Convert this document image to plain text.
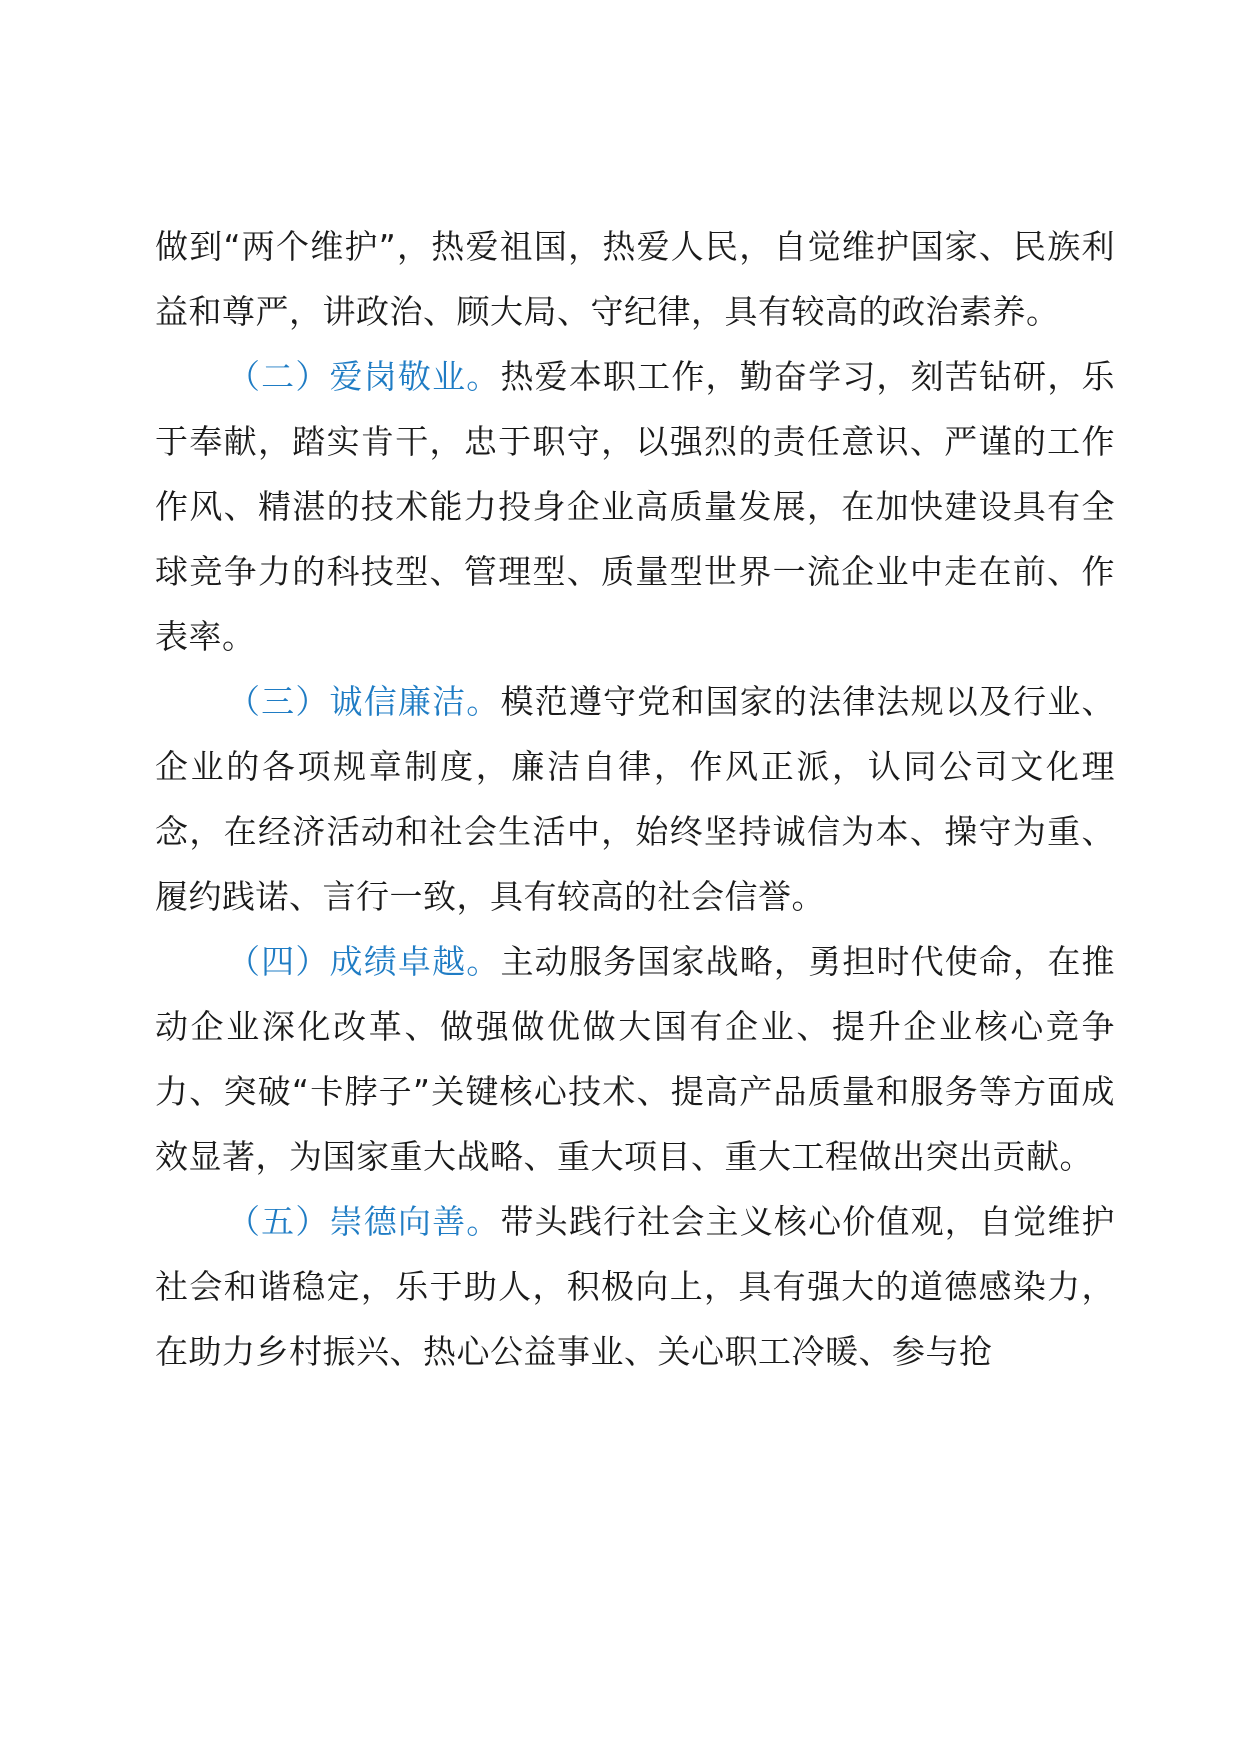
做到“两个维护”，热爱祖国，热爱人民，自觉维护国家、民族利益和尊严，讲政治、顾大局、守纪律，具有较高的政治素养。

（二）爱岗敬业。热爱本职工作，勤奋学习，刻苦钻研，乐于奉献，踏实肯干，忠于职守，以强烈的责任意识、严谨的工作作风、精湛的技术能力投身企业高质量发展，在加快建设具有全球竞争力的科技型、管理型、质量型世界一流企业中走在前、作表率。

（三）诚信廉洁。模范遵守党和国家的法律法规以及行业、企业的各项规章制度，廉洁自律，作风正派，认同公司文化理念，在经济活动和社会生活中，始终坚持诚信为本、操守为重、履约践诺、言行一致，具有较高的社会信誉。

（四）成绩卓越。主动服务国家战略，勇担时代使命，在推动企业深化改革、做强做优做大国有企业、提升企业核心竞争力、突破“卡脖子”关键核心技术、提高产品质量和服务等方面成效显著，为国家重大战略、重大项目、重大工程做出突出贡献。

（五）崇德向善。带头践行社会主义核心价值观，自觉维护社会和谐稳定，乐于助人，积极向上，具有强大的道德感染力，在助力乡村振兴、热心公益事业、关心职工冷暖、参与抢
